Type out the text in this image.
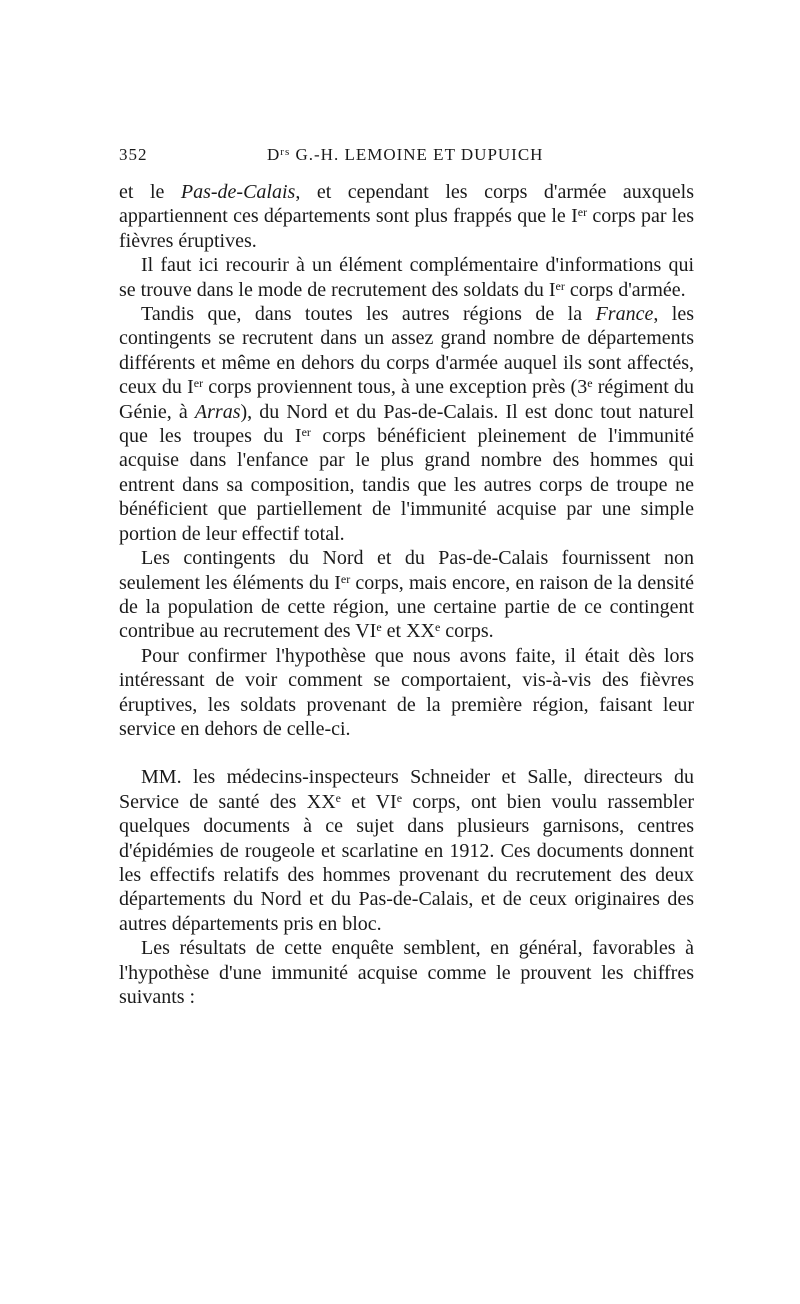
352	$D^{rs}$ G.-H. LEMOINE ET DUPUICH

et le Pas-de-Calais, et cependant les corps d'armée auxquels appartiennent ces départements sont plus frappés que le Ier corps par les fièvres éruptives.

Il faut ici recourir à un élément complémentaire d'informations qui se trouve dans le mode de recrutement des soldats du Ier corps d'armée.

Tandis que, dans toutes les autres régions de la France, les contingents se recrutent dans un assez grand nombre de départements différents et même en dehors du corps d'armée auquel ils sont affectés, ceux du Ier corps proviennent tous, à une exception près (3e régiment du Génie, à Arras), du Nord et du Pas-de-Calais. Il est donc tout naturel que les troupes du Ier corps bénéficient pleinement de l'immunité acquise dans l'enfance par le plus grand nombre des hommes qui entrent dans sa composition, tandis que les autres corps de troupe ne bénéficient que partiellement de l'immunité acquise par une simple portion de leur effectif total.

Les contingents du Nord et du Pas-de-Calais fournissent non seulement les éléments du Ier corps, mais encore, en raison de la densité de la population de cette région, une certaine partie de ce contingent contribue au recrutement des VIe et XXe corps.

Pour confirmer l'hypothèse que nous avons faite, il était dès lors intéressant de voir comment se comportaient, vis-à-vis des fièvres éruptives, les soldats provenant de la première région, faisant leur service en dehors de celle-ci.

MM. les médecins-inspecteurs Schneider et Salle, directeurs du Service de santé des XXe et VIe corps, ont bien voulu rassembler quelques documents à ce sujet dans plusieurs garnisons, centres d'épidémies de rougeole et scarlatine en 1912. Ces documents donnent les effectifs relatifs des hommes provenant du recrutement des deux départements du Nord et du Pas-de-Calais, et de ceux originaires des autres départements pris en bloc.

Les résultats de cette enquête semblent, en général, favorables à l'hypothèse d'une immunité acquise comme le prouvent les chiffres suivants :
